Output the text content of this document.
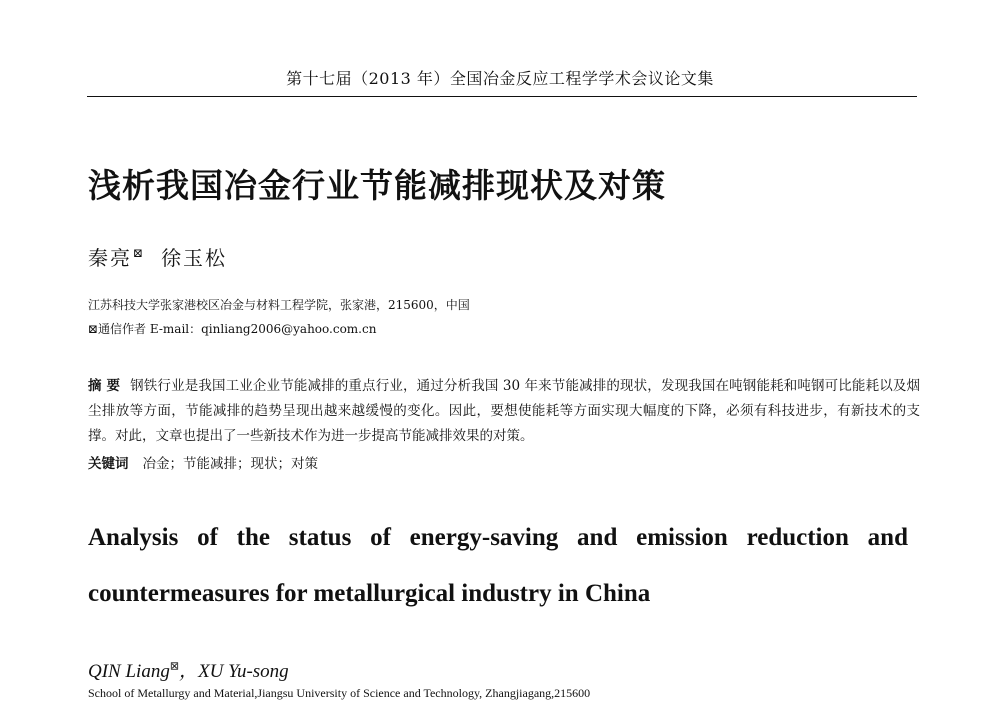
第十七届（2013 年）全国冶金反应工程学学术会议论文集
浅析我国冶金行业节能减排现状及对策
秦亮⊠ 徐玉松
江苏科技大学张家港校区冶金与材料工程学院，张家港，215600，中国
⊠通信作者 E-mail：qinliang2006@yahoo.com.cn
摘 要 钢铁行业是我国工业企业节能减排的重点行业，通过分析我国 30 年来节能减排的现状，发现我国在吨钢能耗和吨钢可比能耗以及烟尘排放等方面，节能减排的趋势呈现出越来越缓慢的变化。因此，要想使能耗等方面实现大幅度的下降，必须有科技进步，有新技术的支撑。对此，文章也提出了一些新技术作为进一步提高节能减排效果的对策。
关键词 冶金；节能减排；现状；对策
Analysis of the status of energy-saving and emission reduction and
countermeasures for metallurgical industry in China
QIN Liang⊠，XU Yu-song
School of Metallurgy and Material,Jiangsu University of Science and Technology, Zhangjiagang,215600
